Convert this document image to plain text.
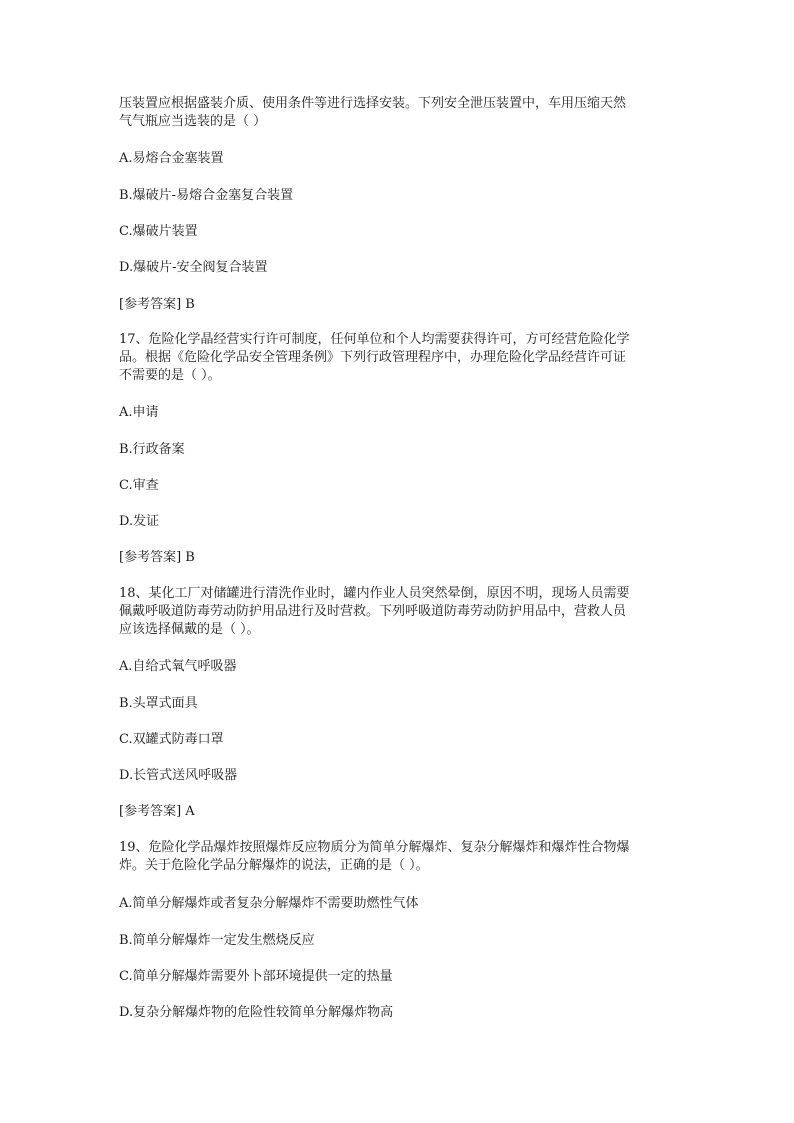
压装置应根据盛装介质、使用条件等进行选择安装。下列安全泄压装置中，车用压缩天然
气气瓶应当选装的是（ ）

A.易熔合金塞装置

B.爆破片-易熔合金塞复合装置

C.爆破片装置

D.爆破片-安全阀复合装置

[参考答案] B

17、危险化学晶经营实行许可制度，任何单位和个人均需要获得许可，方可经营危险化学
品。根据《危险化学品安全管理条例》下列行政管理程序中，办理危险化学品经营许可证
不需要的是（ ）。

A.申请

B.行政备案

C.审查

D.发证

[参考答案] B

18、某化工厂对储罐进行清洗作业时，罐内作业人员突然晕倒，原因不明，现场人员需要
佩戴呼吸道防毒劳动防护用品进行及时营救。下列呼吸道防毒劳动防护用品中，营救人员
应该选择佩戴的是（ ）。

A.自给式氧气呼吸器

B.头罩式面具

C.双罐式防毒口罩

D.长管式送风呼吸器

[参考答案] A

19、危险化学品爆炸按照爆炸反应物质分为简单分解爆炸、复杂分解爆炸和爆炸性合物爆
炸。关于危险化学品分解爆炸的说法，正确的是（ ）。

A.简单分解爆炸或者复杂分解爆炸不需要助燃性气体

B.简单分解爆炸一定发生燃烧反应

C.简单分解爆炸需要外卜部环境提供一定的热量

D.复杂分解爆炸物的危险性较简单分解爆炸物高
